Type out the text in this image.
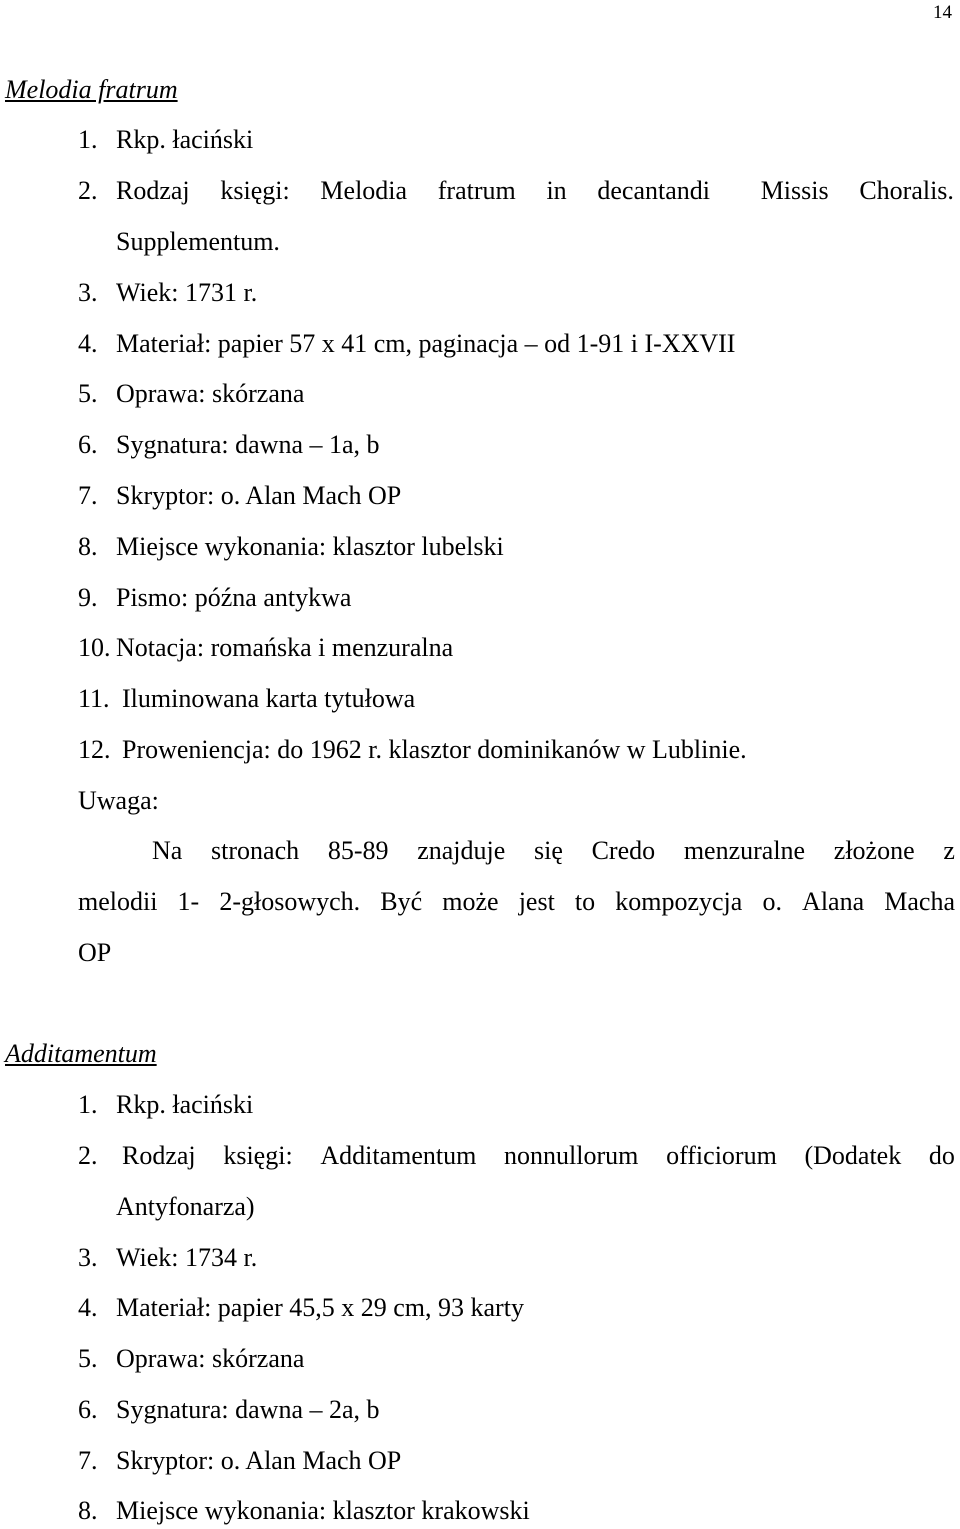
14
Melodia fratrum
1. Rkp. łaciński
2. Rodzaj księgi: Melodia fratrum in decantandi Missis Choralis.
Supplementum.
3. Wiek: 1731 r.
4. Materiał: papier 57 x 41 cm, paginacja – od 1-91 i I-XXVII
5. Oprawa: skórzana
6. Sygnatura: dawna – 1a, b
7. Skryptor: o. Alan Mach OP
8. Miejsce wykonania: klasztor lubelski
9. Pismo: późna antykwa
10. Notacja: romańska i menzuralna
11. Iluminowana karta tytułowa
12. Proweniencja: do 1962 r. klasztor dominikanów w Lublinie.
Uwaga:
Na stronach 85-89 znajduje się Credo menzuralne złożone z
melodii 1- 2-głosowych. Być może jest to kompozycja o. Alana Macha
OP
Additamentum
1. Rkp. łaciński
2. Rodzaj księgi: Additamentum nonnullorum officiorum (Dodatek do
Antyfonarza)
3. Wiek: 1734 r.
4. Materiał: papier 45,5 x 29 cm, 93 karty
5. Oprawa: skórzana
6. Sygnatura: dawna – 2a, b
7. Skryptor: o. Alan Mach OP
8. Miejsce wykonania: klasztor krakowski
